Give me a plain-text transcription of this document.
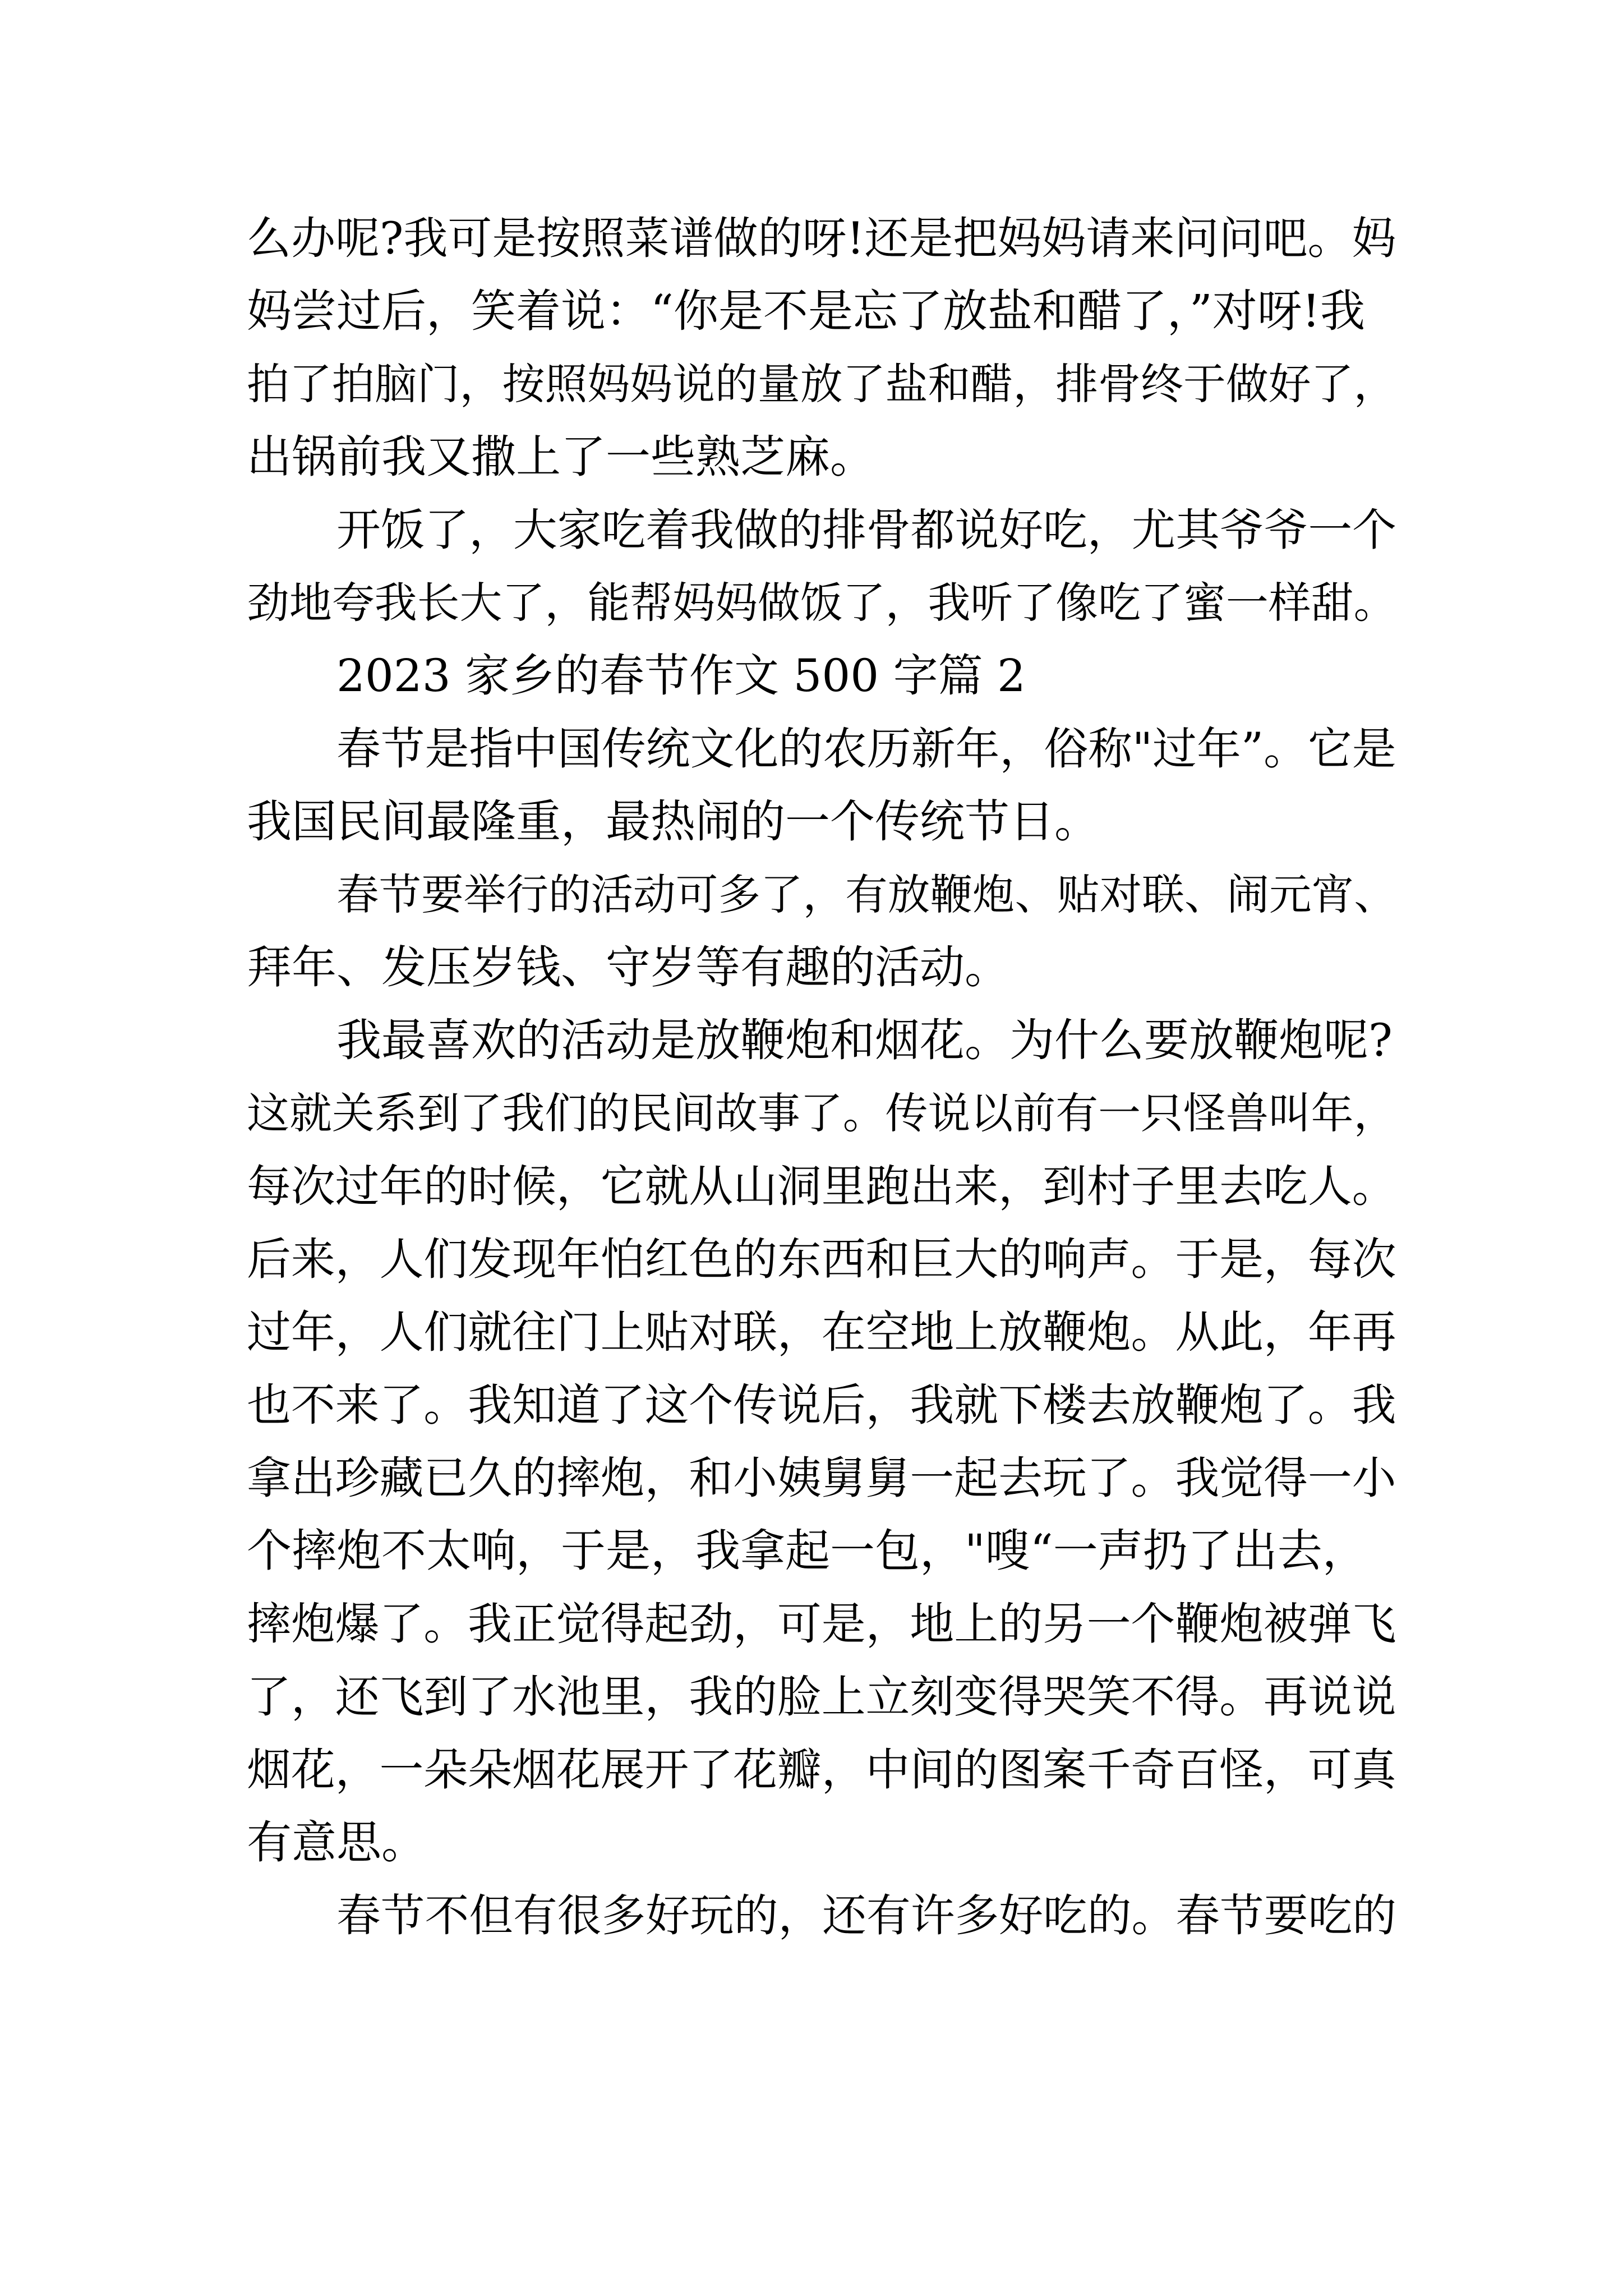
么办呢?我可是按照菜谱做的呀!还是把妈妈请来问问吧。妈
妈尝过后，笑着说：“你是不是忘了放盐和醋了，”对呀!我
拍了拍脑门，按照妈妈说的量放了盐和醋，排骨终于做好了，
出锅前我又撒上了一些熟芝麻。
开饭了，大家吃着我做的排骨都说好吃，尤其爷爷一个
劲地夸我长大了，能帮妈妈做饭了，我听了像吃了蜜一样甜。
2023 家乡的春节作文 500 字篇 2
春节是指中国传统文化的农历新年，俗称"过年”。它是
我国民间最隆重，最热闹的一个传统节日。
春节要举行的活动可多了，有放鞭炮、贴对联、闹元宵、
拜年、发压岁钱、守岁等有趣的活动。
我最喜欢的活动是放鞭炮和烟花。为什么要放鞭炮呢?
这就关系到了我们的民间故事了。传说以前有一只怪兽叫年，
每次过年的时候，它就从山洞里跑出来，到村子里去吃人。
后来，人们发现年怕红色的东西和巨大的响声。于是，每次
过年，人们就往门上贴对联，在空地上放鞭炮。从此，年再
也不来了。我知道了这个传说后，我就下楼去放鞭炮了。我
拿出珍藏已久的摔炮，和小姨舅舅一起去玩了。我觉得一小
个摔炮不太响，于是，我拿起一包，"嗖“一声扔了出去，
摔炮爆了。我正觉得起劲，可是，地上的另一个鞭炮被弹飞
了，还飞到了水池里，我的脸上立刻变得哭笑不得。再说说
烟花，一朵朵烟花展开了花瓣，中间的图案千奇百怪，可真
有意思。
春节不但有很多好玩的，还有许多好吃的。春节要吃的
